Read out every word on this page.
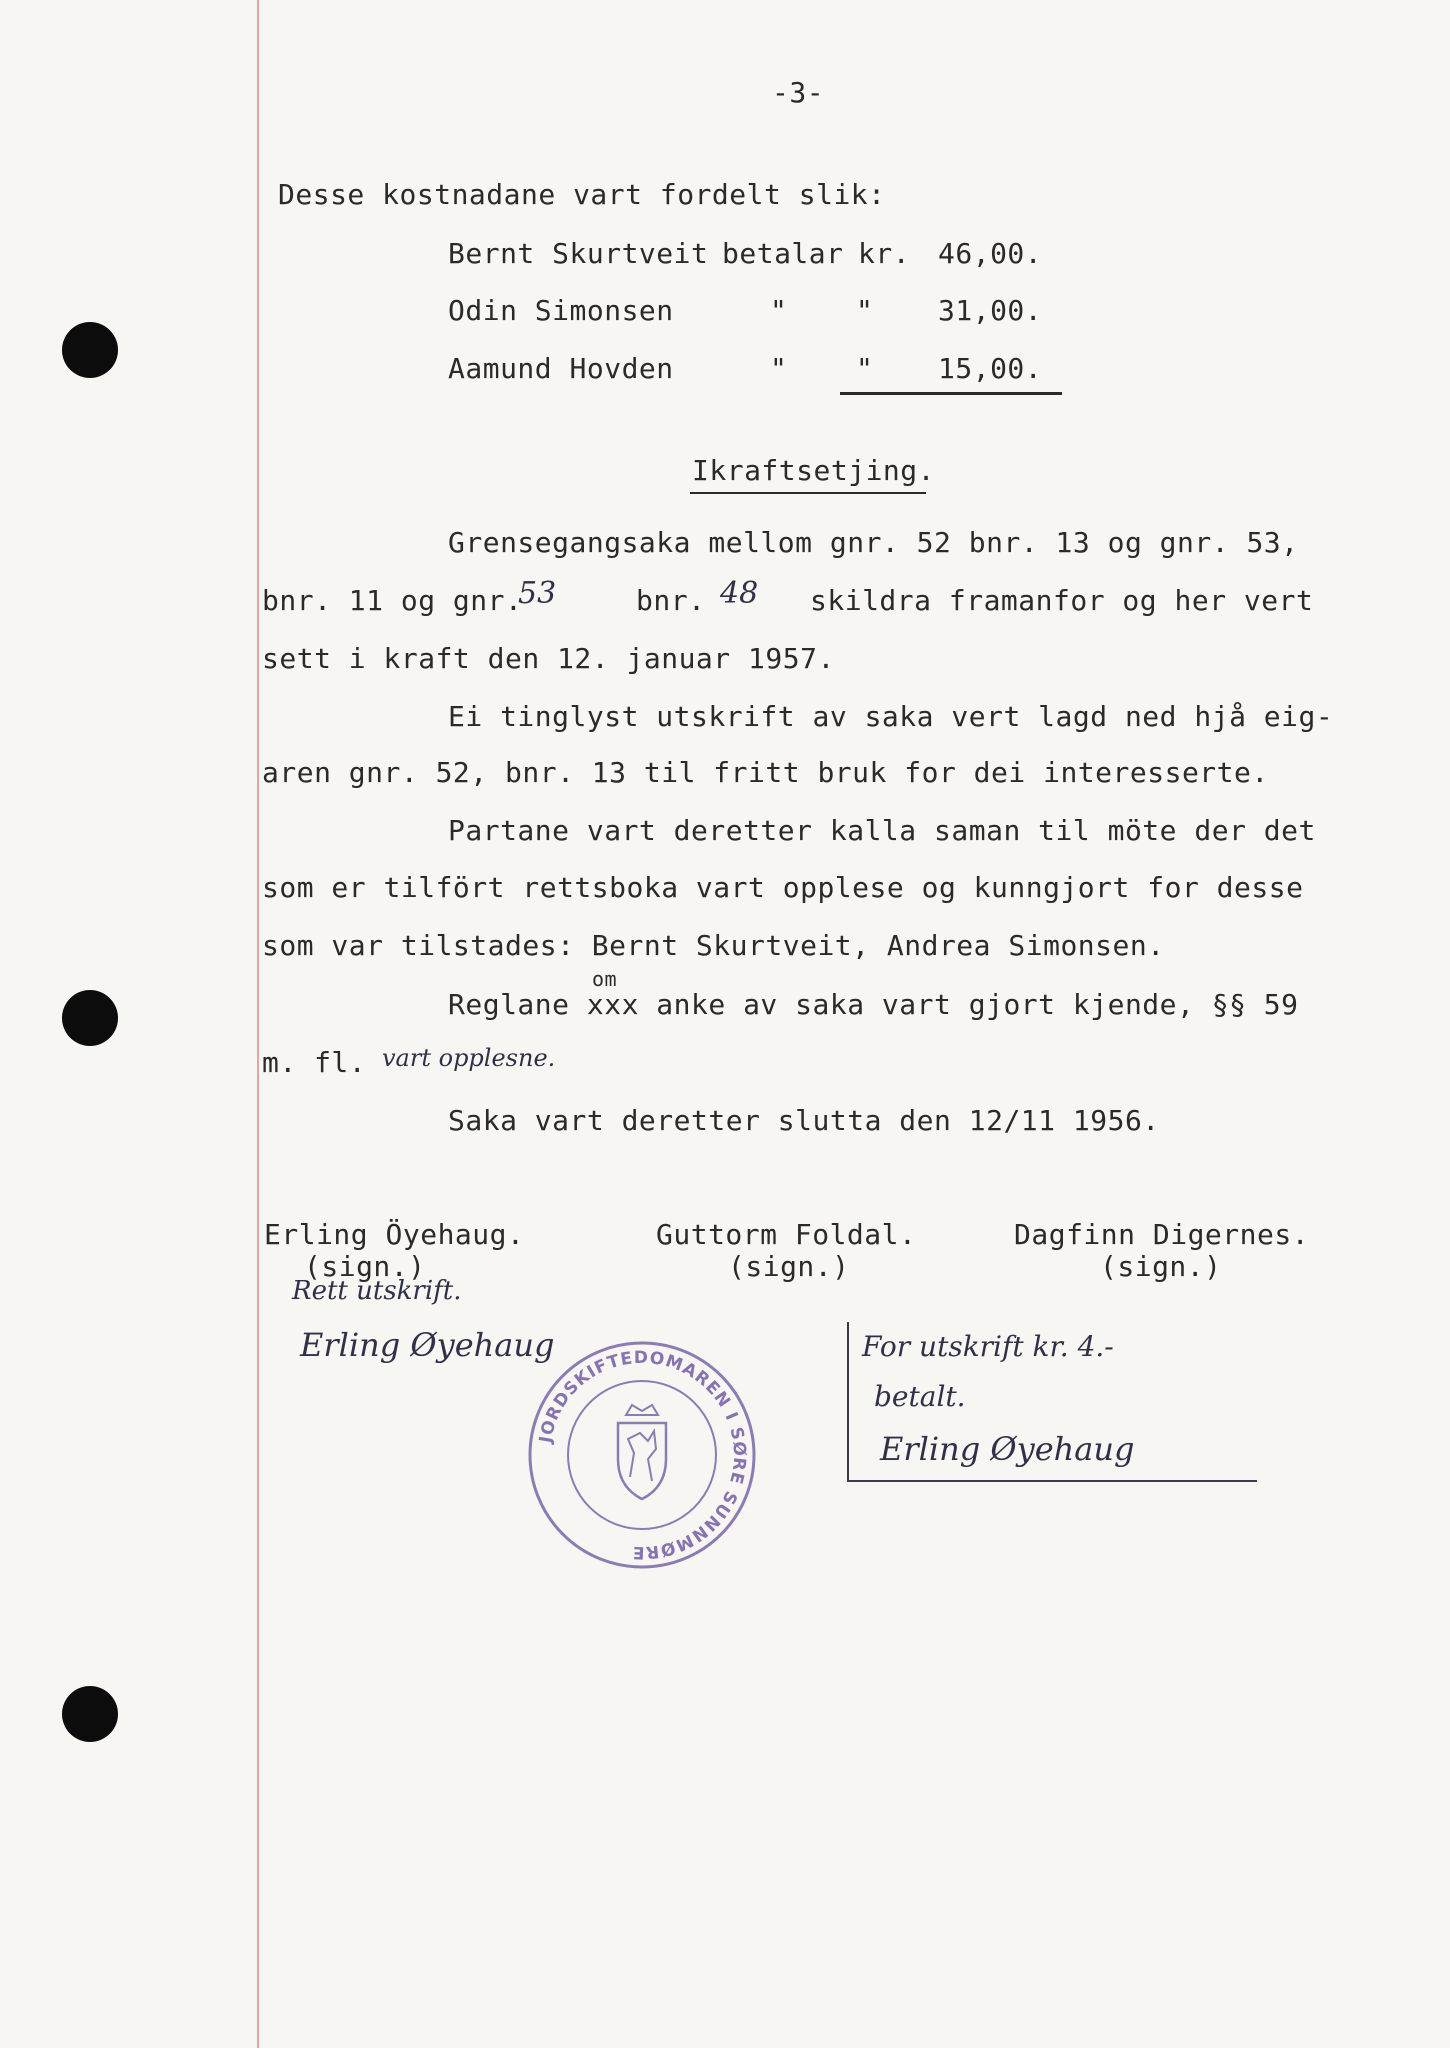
-3-
Desse kostnadane vart fordelt slik:
Bernt Skurtveit betalar kr. 46,00.
Odin Simonsen	" " 31,00.
Aamund Hovden	" " 15,00.
Ikraftsetjing.
Grensegangsaka mellom gnr. 52 bnr. 13 og gnr. 53,
bnr. 11 og gnr.
53	bnr. 48 skildra framanfor og her vert
sett i kraft den 12. januar 1957.
Ei tinglyst utskrift av saka vert lagd ned hjå eig-
aren gnr. 52, bnr. 13 til fritt bruk for dei interesserte.
Partane vart deretter kalla saman til möte der det
som er tilfört rettsboka vart opplese og kunngjort for desse
som var tilstades: Bernt Skurtveit, Andrea Simonsen.
om
Reglane xxx anke av saka vart gjort kjende, §§ 59
m. fl. vart opplesne.
Saka vart deretter slutta den 12/11 1956.
Erling Öyehaug.
(sign.)
Guttorm Foldal.
(sign.)
Dagfinn Digernes.
(sign.)
Rett utskrift.
Erling Øyehaug	For utskrift kr. 4.-
betalt.
Erling Øyehaug
JORDSKIFTEDOMAREN I SØRE SUNNMØRE
